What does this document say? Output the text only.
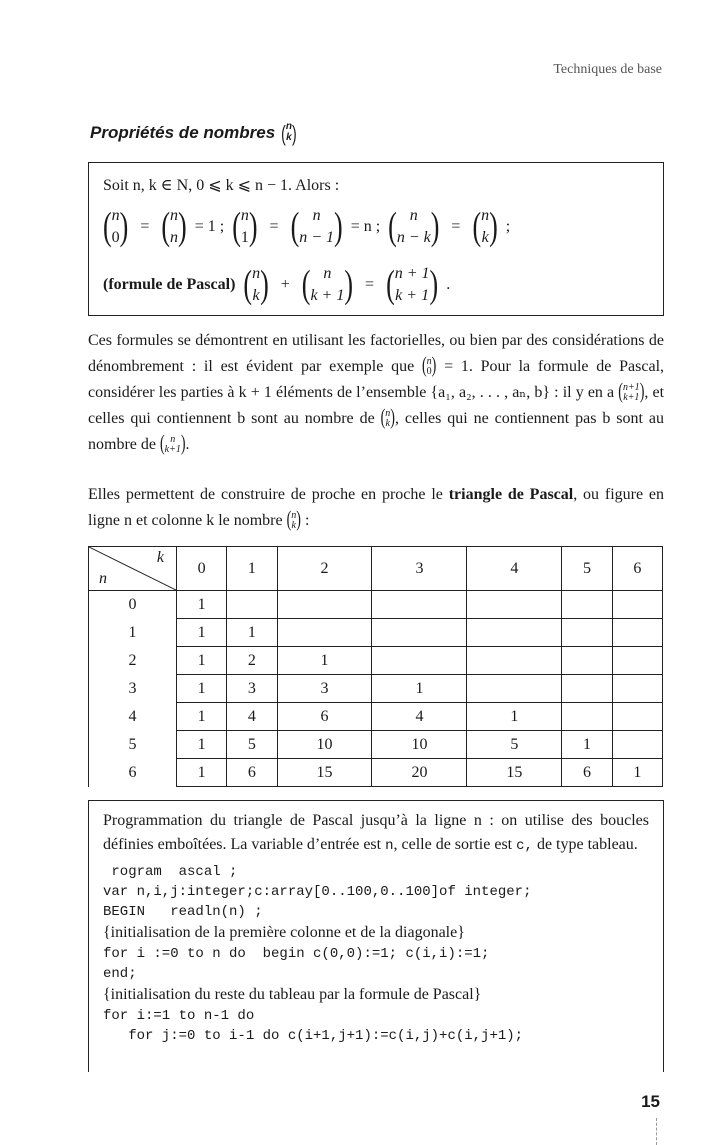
Techniques de base
Propriétés de nombres ( n
k )
Soit n, k ∈ N, 0 ⩽ k ⩽ n − 1. Alors :
( n
0 ) = ( n
n ) = 1 ; ( n
1 ) = ( n
n − 1 ) = n ; ( n
n − k ) = ( n
k ) ;
(formule de Pascal) ( n
k ) + ( n
k + 1 ) = ( n + 1
k + 1 ) .
Ces formules se démontrent en utilisant les factorielles, ou bien par des considérations de dénombrement : il est évident par exemple que ( n
0 ) = 1. Pour la formule de Pascal, considérer les parties à k + 1 éléments de l’ensemble {a₁, a₂, . . . , aₙ, b} : il y en a ( n+1
k+1 ) , et celles qui contiennent b sont au nombre de ( n
k ) , celles qui ne contiennent pas b sont au nombre de ( n
k+1 ) .
Elles permettent de construire de proche en proche le triangle de Pascal, ou figure en ligne n et colonne k le nombre ( n
k ) :
k
n	0	1	2	3	4	5	6
0	1						
1	1	1					
2	1	2	1				
3	1	3	3	1			
4	1	4	6	4	1		
5	1	5	10	10	5	1	
6	1	6	15	20	15	6	1
Programmation du triangle de Pascal jusqu’à la ligne n : on utilise des boucles définies emboîtées. La variable d’entrée est n, celle de sortie est c, de type tableau.
rogram  ascal ;
var n,i,j:integer;c:array[0..100,0..100]of integer;
BEGIN   readln(n) ;
{initialisation de la première colonne et de la diagonale}
for i :=0 to n do  begin c(0,0):=1; c(i,i):=1;
end;
{initialisation du reste du tableau par la formule de Pascal}
for i:=1 to n-1 do
for j:=0 to i-1 do c(i+1,j+1):=c(i,j)+c(i,j+1);
15
